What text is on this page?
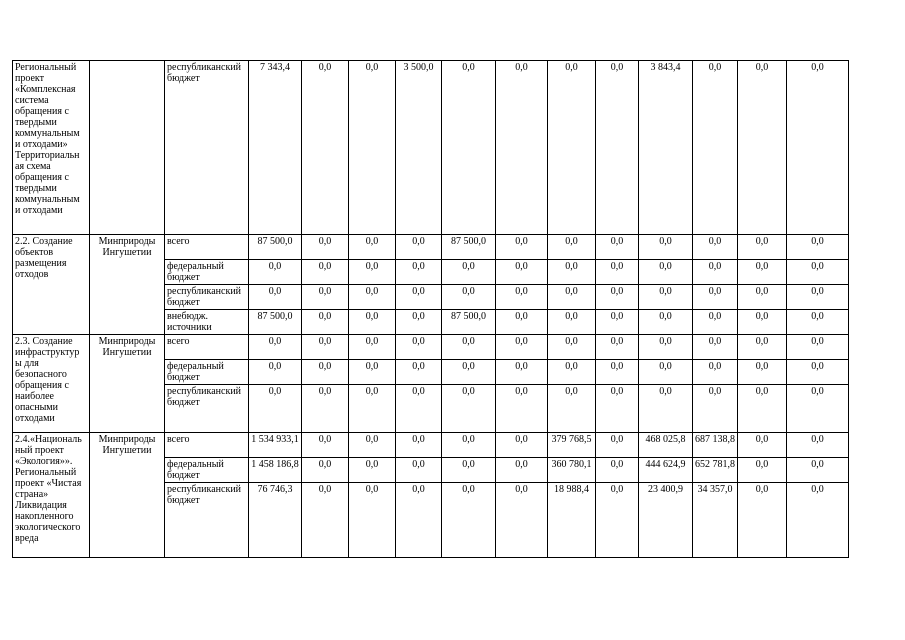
Региональный проект «Комплексная система обращения с твердыми коммунальным и отходами» Территориальн ая схема обращения с твердыми коммунальным и отходами		республиканский бюджет	7 343,4	0,0	0,0	3 500,0	0,0	0,0	0,0	0,0	3 843,4	0,0	0,0	0,0
2.2. Создание объектов размещения отходов	Минприроды Ингушетии	всего	87 500,0	0,0	0,0	0,0	87 500,0	0,0	0,0	0,0	0,0	0,0	0,0	0,0
		федеральный бюджет	0,0	0,0	0,0	0,0	0,0	0,0	0,0	0,0	0,0	0,0	0,0	0,0
		республиканский бюджет	0,0	0,0	0,0	0,0	0,0	0,0	0,0	0,0	0,0	0,0	0,0	0,0
		внебюдж. источники	87 500,0	0,0	0,0	0,0	87 500,0	0,0	0,0	0,0	0,0	0,0	0,0	0,0
2.3. Создание инфраструктур ы для безопасного обращения с наиболее опасными отходами	Минприроды Ингушетии	всего	0,0	0,0	0,0	0,0	0,0	0,0	0,0	0,0	0,0	0,0	0,0	0,0
		федеральный бюджет	0,0	0,0	0,0	0,0	0,0	0,0	0,0	0,0	0,0	0,0	0,0	0,0
		республиканский бюджет	0,0	0,0	0,0	0,0	0,0	0,0	0,0	0,0	0,0	0,0	0,0	0,0
2.4.«Националь ный проект «Экология»». Региональный проект «Чистая страна» Ликвидация накопленного экологического вреда	Минприроды Ингушетии	всего	1 534 933,1	0,0	0,0	0,0	0,0	0,0	379 768,5	0,0	468 025,8	687 138,8	0,0	0,0
		федеральный бюджет	1 458 186,8	0,0	0,0	0,0	0,0	0,0	360 780,1	0,0	444 624,9	652 781,8	0,0	0,0
		республиканский бюджет	76 746,3	0,0	0,0	0,0	0,0	0,0	18 988,4	0,0	23 400,9	34 357,0	0,0	0,0
